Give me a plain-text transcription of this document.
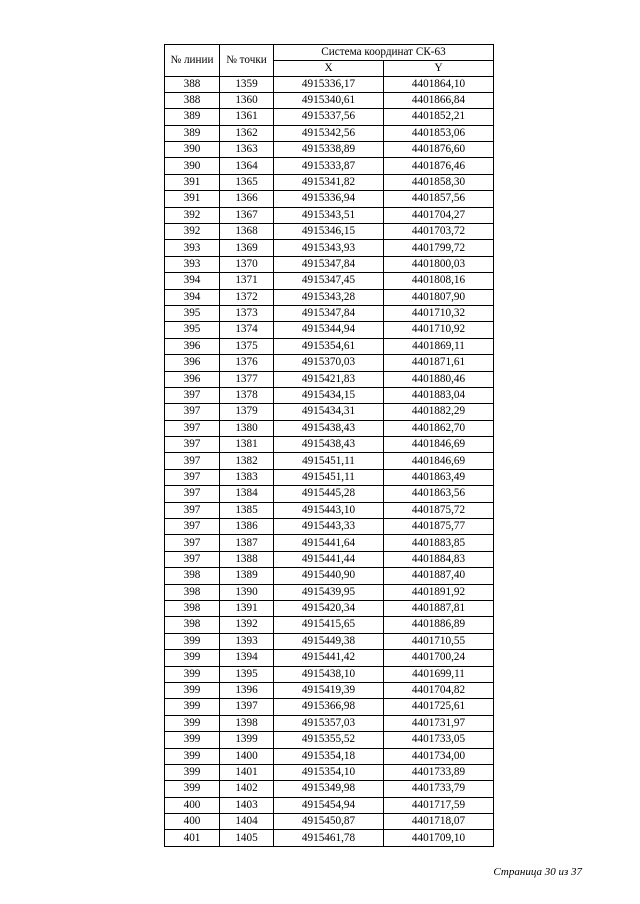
№ линии	№ точки	Система координат СК-63	
		X	Y
388	1359	4915336,17	4401864,10
388	1360	4915340,61	4401866,84
389	1361	4915337,56	4401852,21
389	1362	4915342,56	4401853,06
390	1363	4915338,89	4401876,60
390	1364	4915333,87	4401876,46
391	1365	4915341,82	4401858,30
391	1366	4915336,94	4401857,56
392	1367	4915343,51	4401704,27
392	1368	4915346,15	4401703,72
393	1369	4915343,93	4401799,72
393	1370	4915347,84	4401800,03
394	1371	4915347,45	4401808,16
394	1372	4915343,28	4401807,90
395	1373	4915347,84	4401710,32
395	1374	4915344,94	4401710,92
396	1375	4915354,61	4401869,11
396	1376	4915370,03	4401871,61
396	1377	4915421,83	4401880,46
397	1378	4915434,15	4401883,04
397	1379	4915434,31	4401882,29
397	1380	4915438,43	4401862,70
397	1381	4915438,43	4401846,69
397	1382	4915451,11	4401846,69
397	1383	4915451,11	4401863,49
397	1384	4915445,28	4401863,56
397	1385	4915443,10	4401875,72
397	1386	4915443,33	4401875,77
397	1387	4915441,64	4401883,85
397	1388	4915441,44	4401884,83
398	1389	4915440,90	4401887,40
398	1390	4915439,95	4401891,92
398	1391	4915420,34	4401887,81
398	1392	4915415,65	4401886,89
399	1393	4915449,38	4401710,55
399	1394	4915441,42	4401700,24
399	1395	4915438,10	4401699,11
399	1396	4915419,39	4401704,82
399	1397	4915366,98	4401725,61
399	1398	4915357,03	4401731,97
399	1399	4915355,52	4401733,05
399	1400	4915354,18	4401734,00
399	1401	4915354,10	4401733,89
399	1402	4915349,98	4401733,79
400	1403	4915454,94	4401717,59
400	1404	4915450,87	4401718,07
401	1405	4915461,78	4401709,10
Страница 30 из 37
